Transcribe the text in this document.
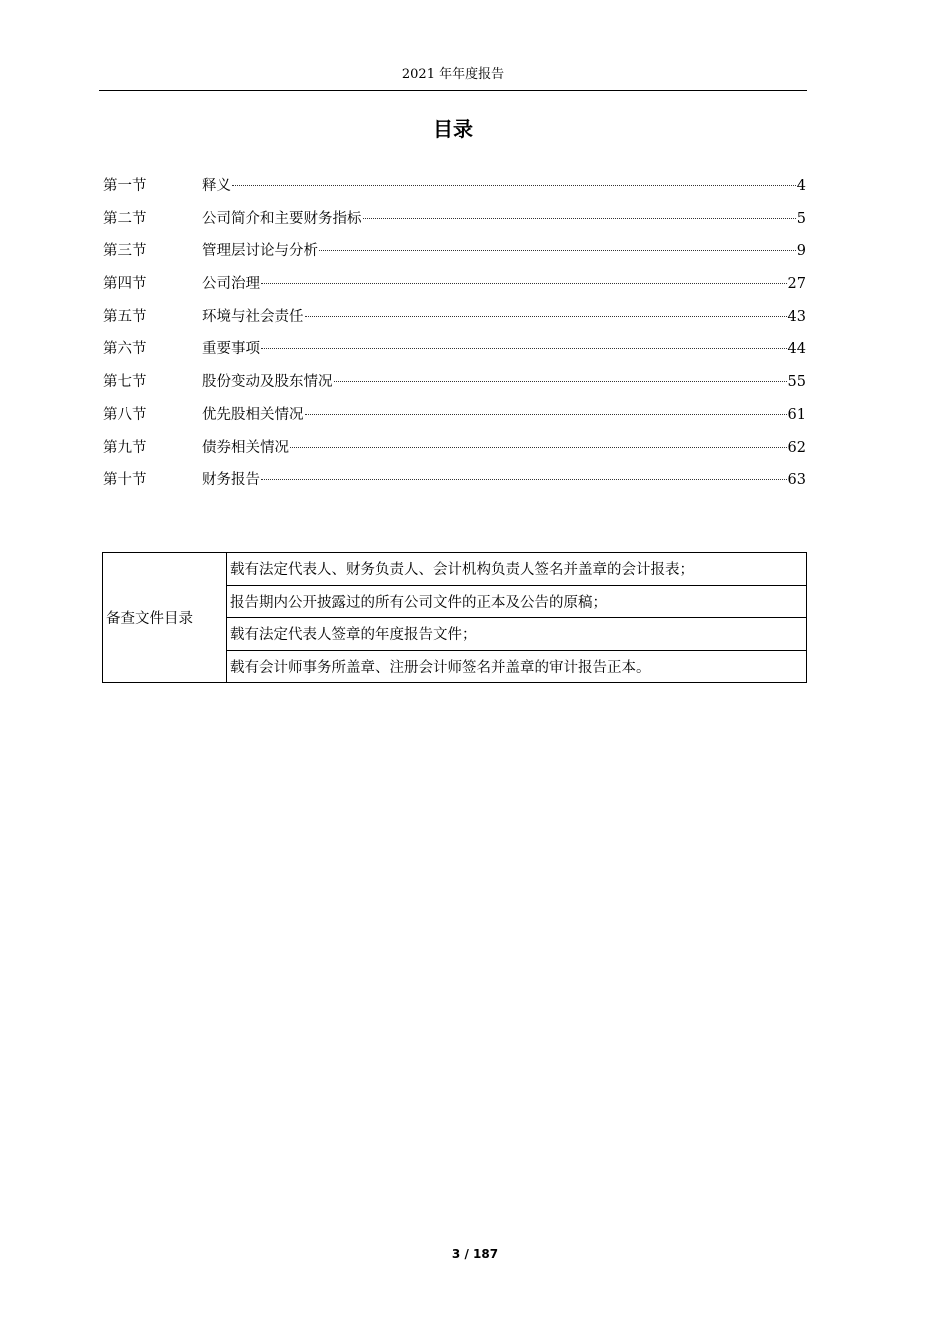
2021 年年度报告
目录
第一节	释义	4
第二节	公司简介和主要财务指标	5
第三节	管理层讨论与分析	9
第四节	公司治理	27
第五节	环境与社会责任	43
第六节	重要事项	44
第七节	股份变动及股东情况	55
第八节	优先股相关情况	61
第九节	债券相关情况	62
第十节	财务报告	63
备查文件目录	载有法定代表人、财务负责人、会计机构负责人签名并盖章的会计报表；
报告期内公开披露过的所有公司文件的正本及公告的原稿；
载有法定代表人签章的年度报告文件；
载有会计师事务所盖章、注册会计师签名并盖章的审计报告正本。
3 / 187
